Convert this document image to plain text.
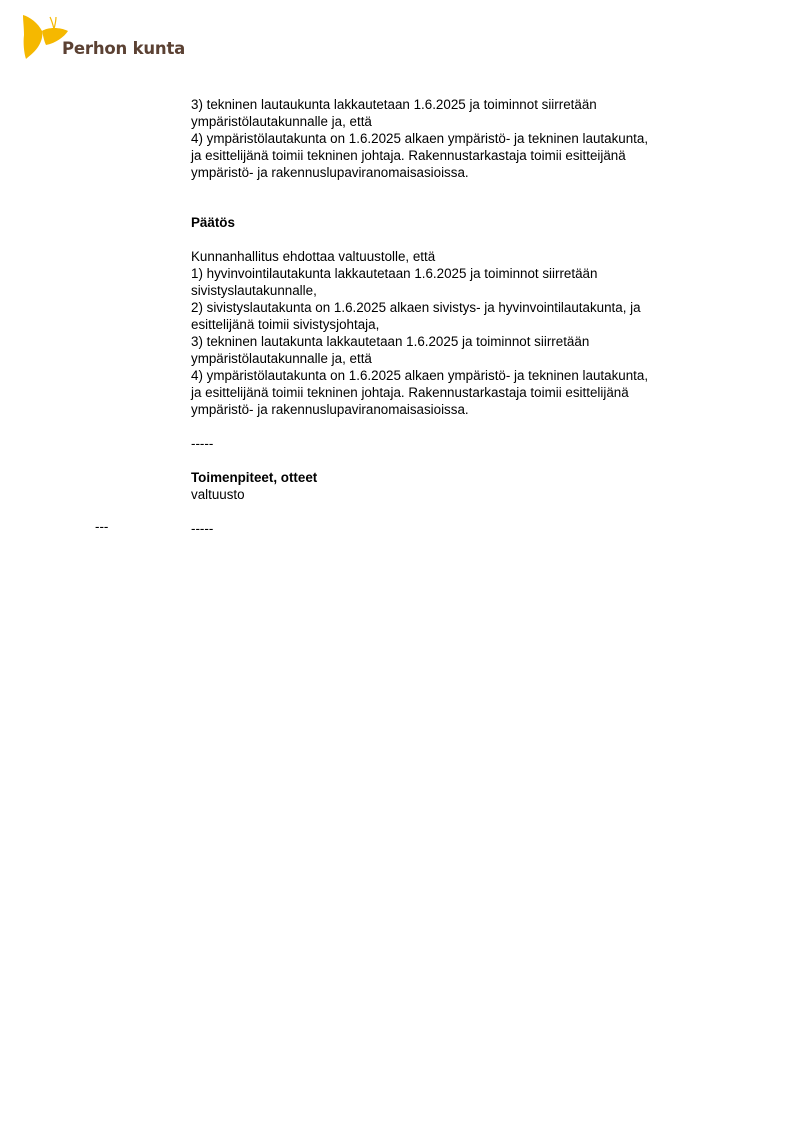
Perhon kunta
3) tekninen lautaukunta lakkautetaan 1.6.2025 ja toiminnot siirretään
ympäristölautakunnalle ja, että
4) ympäristölautakunta on 1.6.2025 alkaen ympäristö- ja tekninen lautakunta,
ja esittelijänä toimii tekninen johtaja. Rakennustarkastaja toimii esitteijänä
ympäristö- ja rakennuslupaviranomaisasioissa.
Päätös
Kunnanhallitus ehdottaa valtuustolle, että
1) hyvinvointilautakunta lakkautetaan 1.6.2025 ja toiminnot siirretään
sivistyslautakunnalle,
2) sivistyslautakunta on 1.6.2025 alkaen sivistys- ja hyvinvointilautakunta, ja
esittelijänä toimii sivistysjohtaja,
3) tekninen lautakunta lakkautetaan 1.6.2025 ja toiminnot siirretään
ympäristölautakunnalle ja, että
4) ympäristölautakunta on 1.6.2025 alkaen ympäristö- ja tekninen lautakunta,
ja esittelijänä toimii tekninen johtaja. Rakennustarkastaja toimii esittelijänä
ympäristö- ja rakennuslupaviranomaisasioissa.
-----
Toimenpiteet, otteet
valtuusto
-----
---
